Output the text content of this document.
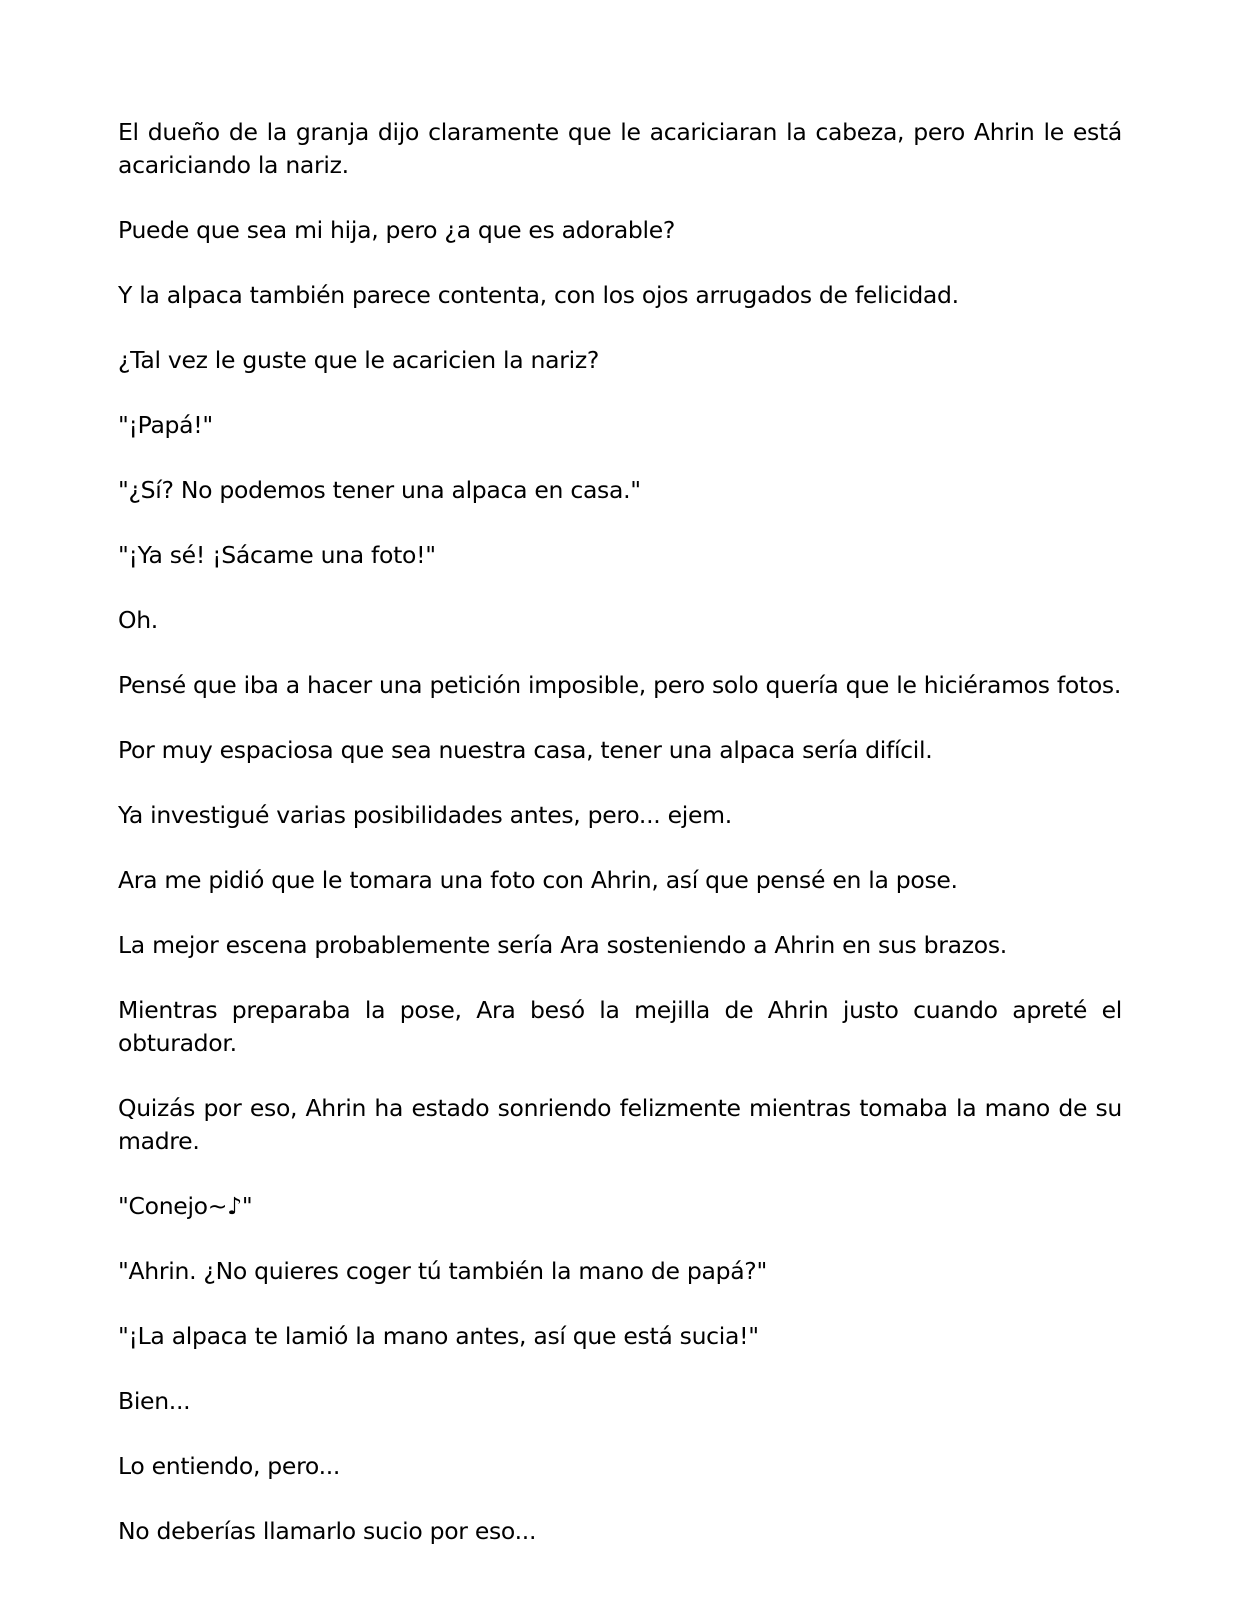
El dueño de la granja dijo claramente que le acariciaran la cabeza, pero Ahrin le está acariciando la nariz.

Puede que sea mi hija, pero ¿a que es adorable?

Y la alpaca también parece contenta, con los ojos arrugados de felicidad.

¿Tal vez le guste que le acaricien la nariz?

"¡Papá!"

"¿Sí? No podemos tener una alpaca en casa."

"¡Ya sé! ¡Sácame una foto!"

Oh.

Pensé que iba a hacer una petición imposible, pero solo quería que le hiciéramos fotos.

Por muy espaciosa que sea nuestra casa, tener una alpaca sería difícil.

Ya investigué varias posibilidades antes, pero... ejem.

Ara me pidió que le tomara una foto con Ahrin, así que pensé en la pose.

La mejor escena probablemente sería Ara sosteniendo a Ahrin en sus brazos.

Mientras preparaba la pose, Ara besó la mejilla de Ahrin justo cuando apreté el obturador.

Quizás por eso, Ahrin ha estado sonriendo felizmente mientras tomaba la mano de su madre.

"Conejo~♪"

"Ahrin. ¿No quieres coger tú también la mano de papá?"

"¡La alpaca te lamió la mano antes, así que está sucia!"

Bien...

Lo entiendo, pero...

No deberías llamarlo sucio por eso...
